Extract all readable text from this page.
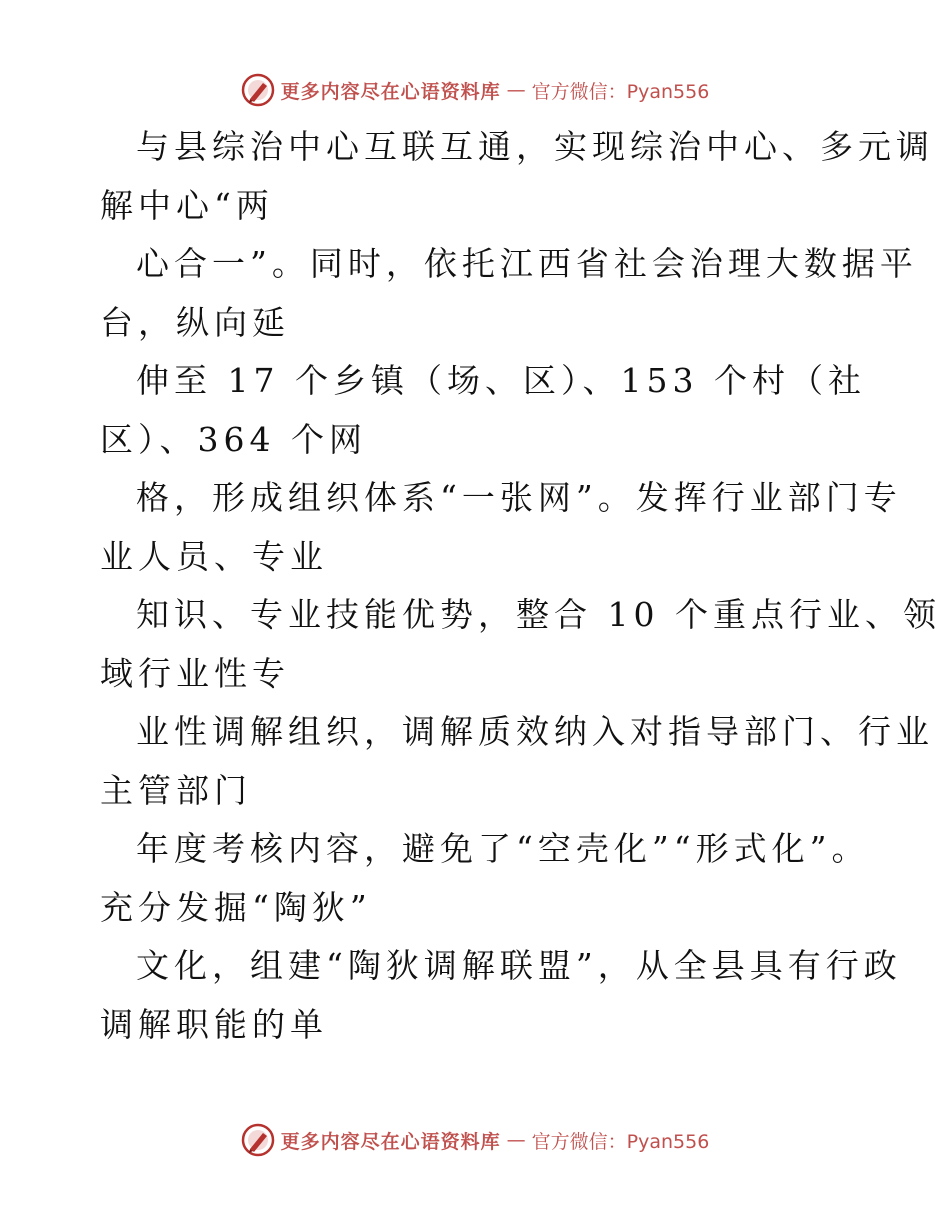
更多内容尽在心语资料库 — 官方微信：Pyan556
与县综治中心互联互通，实现综治中心、多元调
解中心“两
心合一”。同时，依托江西省社会治理大数据平
台，纵向延
伸至 17 个乡镇（场、区）、153 个村（社
区）、364 个网
格，形成组织体系“一张网”。发挥行业部门专
业人员、专业
知识、专业技能优势，整合 10 个重点行业、领
域行业性专
业性调解组织，调解质效纳入对指导部门、行业
主管部门
年度考核内容，避免了“空壳化”“形式化”。
充分发掘“陶狄”
文化，组建“陶狄调解联盟”，从全县具有行政
调解职能的单
更多内容尽在心语资料库 — 官方微信：Pyan556
